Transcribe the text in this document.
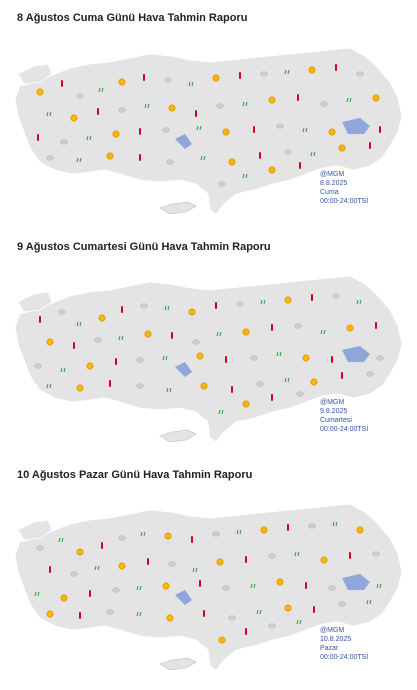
8 Ağustos Cuma Günü Hava Tahmin Raporu
@MGM
8.8.2025
Cuma
00:00-24:00TSİ
9 Ağustos Cumartesi Günü Hava Tahmin Raporu
@MGM
9.8.2025
Cumartesi
00:00-24:00TSİ
10 Ağustos Pazar Günü Hava Tahmin Raporu
@MGM
10.8.2025
Pazar
00:00-24:00TSİ
